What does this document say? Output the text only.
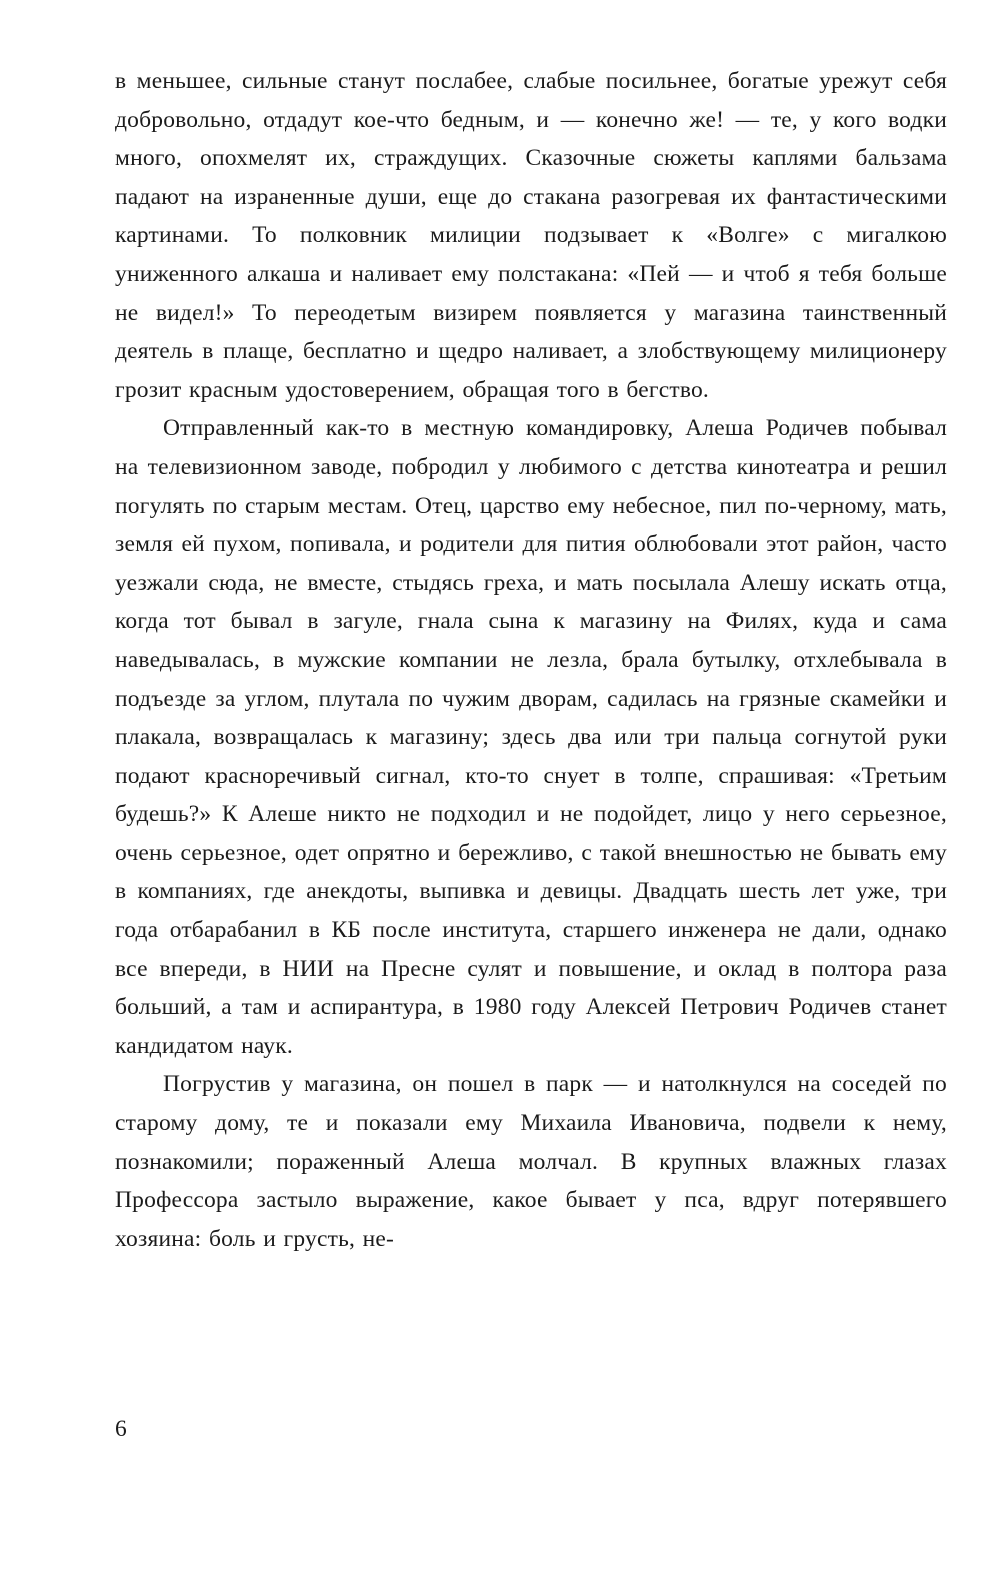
в меньшее, сильные станут послабее, слабые посильнее, богатые урежут себя добровольно, отдадут кое-что бедным, и — конечно же! — те, у кого водки много, опохмелят их, страждущих. Сказочные сюжеты каплями бальзама падают на израненные души, еще до стакана разогревая их фантастическими картинами. То полковник милиции подзывает к «Волге» с мигалкою униженного алкаша и наливает ему полстакана: «Пей — и чтоб я тебя больше не видел!» То переодетым визирем появляется у магазина таинственный деятель в плаще, бесплатно и щедро наливает, а злобствующему милиционеру грозит красным удостоверением, обращая того в бегство.

Отправленный как-то в местную командировку, Алеша Родичев побывал на телевизионном заводе, побродил у любимого с детства кинотеатра и решил погулять по старым местам. Отец, царство ему небесное, пил по-черному, мать, земля ей пухом, попивала, и родители для пития облюбовали этот район, часто уезжали сюда, не вместе, стыдясь греха, и мать посылала Алешу искать отца, когда тот бывал в загуле, гнала сына к магазину на Филях, куда и сама наведывалась, в мужские компании не лезла, брала бутылку, отхлебывала в подъезде за углом, плутала по чужим дворам, садилась на грязные скамейки и плакала, возвращалась к магазину; здесь два или три пальца согнутой руки подают красноречивый сигнал, кто-то снует в толпе, спрашивая: «Третьим будешь?» К Алеше никто не подходил и не подойдет, лицо у него серьезное, очень серьезное, одет опрятно и бережливо, с такой внешностью не бывать ему в компаниях, где анекдоты, выпивка и девицы. Двадцать шесть лет уже, три года отбарабанил в КБ после института, старшего инженера не дали, однако все впереди, в НИИ на Пресне сулят и повышение, и оклад в полтора раза больший, а там и аспирантура, в 1980 году Алексей Петрович Родичев станет кандидатом наук.

Погрустив у магазина, он пошел в парк — и натолкнулся на соседей по старому дому, те и показали ему Михаила Ивановича, подвели к нему, познакомили; пораженный Алеша молчал. В крупных влажных глазах Профессора застыло выражение, какое бывает у пса, вдруг потерявшего хозяина: боль и грусть, не-

6
